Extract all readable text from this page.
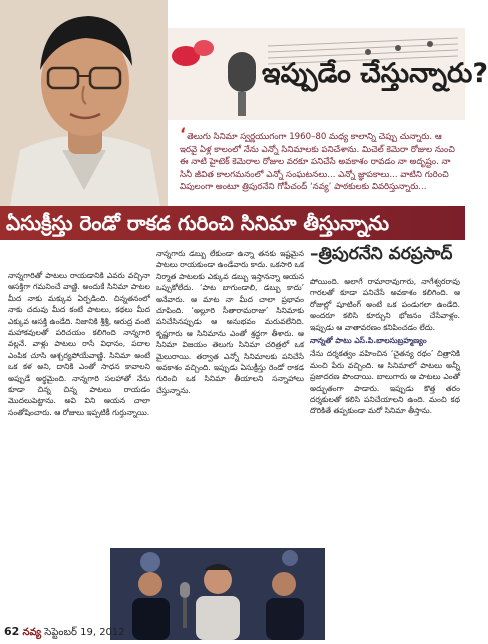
ఇప్పుడేం చేస్తున్నారు?
‘తెలుగు సినిమా స్వర్ణయుగంగా 1960–80 మధ్య కాలాన్ని చెప్పు చున్నారు. ఆ ఇరవై ఏళ్ల కాలంలో నేను ఎన్నో సినిమాలకు పనిచేశాను. మిచెల్ కెమెరా రోజుల నుంచి ఈ నాటి హైటెక్ కెమెరాల రోజుల వరకూ పనిచేసే అవకాశం రావడం నా అదృష్టం. నా సినీ జీవిత కాలగమనంలో ఎన్నో సంఘటనలు... ఎన్నో జ్ఞాపకాలు... వాటిని గురించి విపులంగా అంటూ త్రిపురనేని గోపీచంద్ ‘నవ్య’ పాఠకులకు వివరిస్తున్నారు...
ఏసుక్రీస్తు రెండో రాకడ గురించి సినిమా తీస్తున్నాను
–త్రిపురనేని వరప్రసాద్
నాన్నగారితో పాటలు రాయడానికి ఎవరు వచ్చినా ఆసక్తిగా గమనించే వాణ్ణి. అందుకే సినిమా పాటల మీద నాకు మక్కువ ఏర్పడింది. చిన్నతనంలో నాకు చదువు మీద కంటే పాటలు, కథలు మీద ఎక్కువ ఆసక్తి ఉండేది. నిజానికి శ్రీశ్రీ, ఆరుద్ర వంటి మహాకవులతో పరిచయం కలిగింది నాన్నగారి వల్లనే. వాళ్లు పాటలు రాసే విధానం, పదాల ఎంపిక చూసి ఆశ్చర్యపోయేవాణ్ణి. సినిమా అంటే ఒక కళ అని, దానికి ఎంతో సాధన కావాలని అప్పుడే అర్థమైంది. నాన్నగారి సలహాతో నేను కూడా చిన్న చిన్న పాటలు రాయడం మొదలుపెట్టాను. అవి విని ఆయన చాలా సంతోషించారు. ఆ రోజులు ఇప్పటికీ గుర్తున్నాయి.
నాన్నగారు డబ్బు లేకుండా ఉన్నా తనకు ఇష్టమైన పాటలు రాయకుండా ఉండేవారు కాదు. ఒకసారి ఒక నిర్మాత పాటలకు ఎక్కువ డబ్బు ఇస్తానన్నా ఆయన ఒప్పుకోలేదు. ‘పాట బాగుండాలి, డబ్బు కాదు’ అనేవారు. ఆ మాట నా మీద చాలా ప్రభావం చూపింది. ‘అల్లూరి సీతారామరాజు’ సినిమాకు పనిచేసినప్పుడు ఆ అనుభవం మరువలేనిది. కృష్ణగారు ఆ సినిమాను ఎంతో శ్రద్ధగా తీశారు. ఆ సినిమా విజయం తెలుగు సినిమా చరిత్రలో ఒక మైలురాయి. తర్వాత ఎన్నో సినిమాలకు పనిచేసే అవకాశం వచ్చింది. ఇప్పుడు ఏసుక్రీస్తు రెండో రాకడ గురించి ఒక సినిమా తీయాలని సన్నాహాలు చేస్తున్నాను.

పోయింది. అలాగే రామారావుగారు, నాగేశ్వరరావు గారలతో కూడా పనిచేసే అవకాశం కలిగింది. ఆ రోజుల్లో షూటింగ్ అంటే ఒక పండుగలా ఉండేది. అందరూ కలిసి కూర్చుని భోజనం చేసేవాళ్లం. ఇప్పుడు ఆ వాతావరణం కనిపించడం లేదు.

నాన్నతో పాటు ఎస్.పి.బాలసుబ్రహ్మణ్యం

నేను దర్శకత్వం వహించిన ‘చైతన్య రథం’ చిత్రానికి మంచి పేరు వచ్చింది. ఆ సినిమాలో పాటలు అన్నీ ప్రజాదరణ పొందాయి. బాలుగారు ఆ పాటలు ఎంతో అద్భుతంగా పాడారు. ఇప్పుడు కొత్త తరం దర్శకులతో కలిసి పనిచేయాలని ఉంది. మంచి కథ దొరికితే తప్పకుండా మరో సినిమా తీస్తాను.

62 నవ్య సెప్టెంబర్ 19, 2012
